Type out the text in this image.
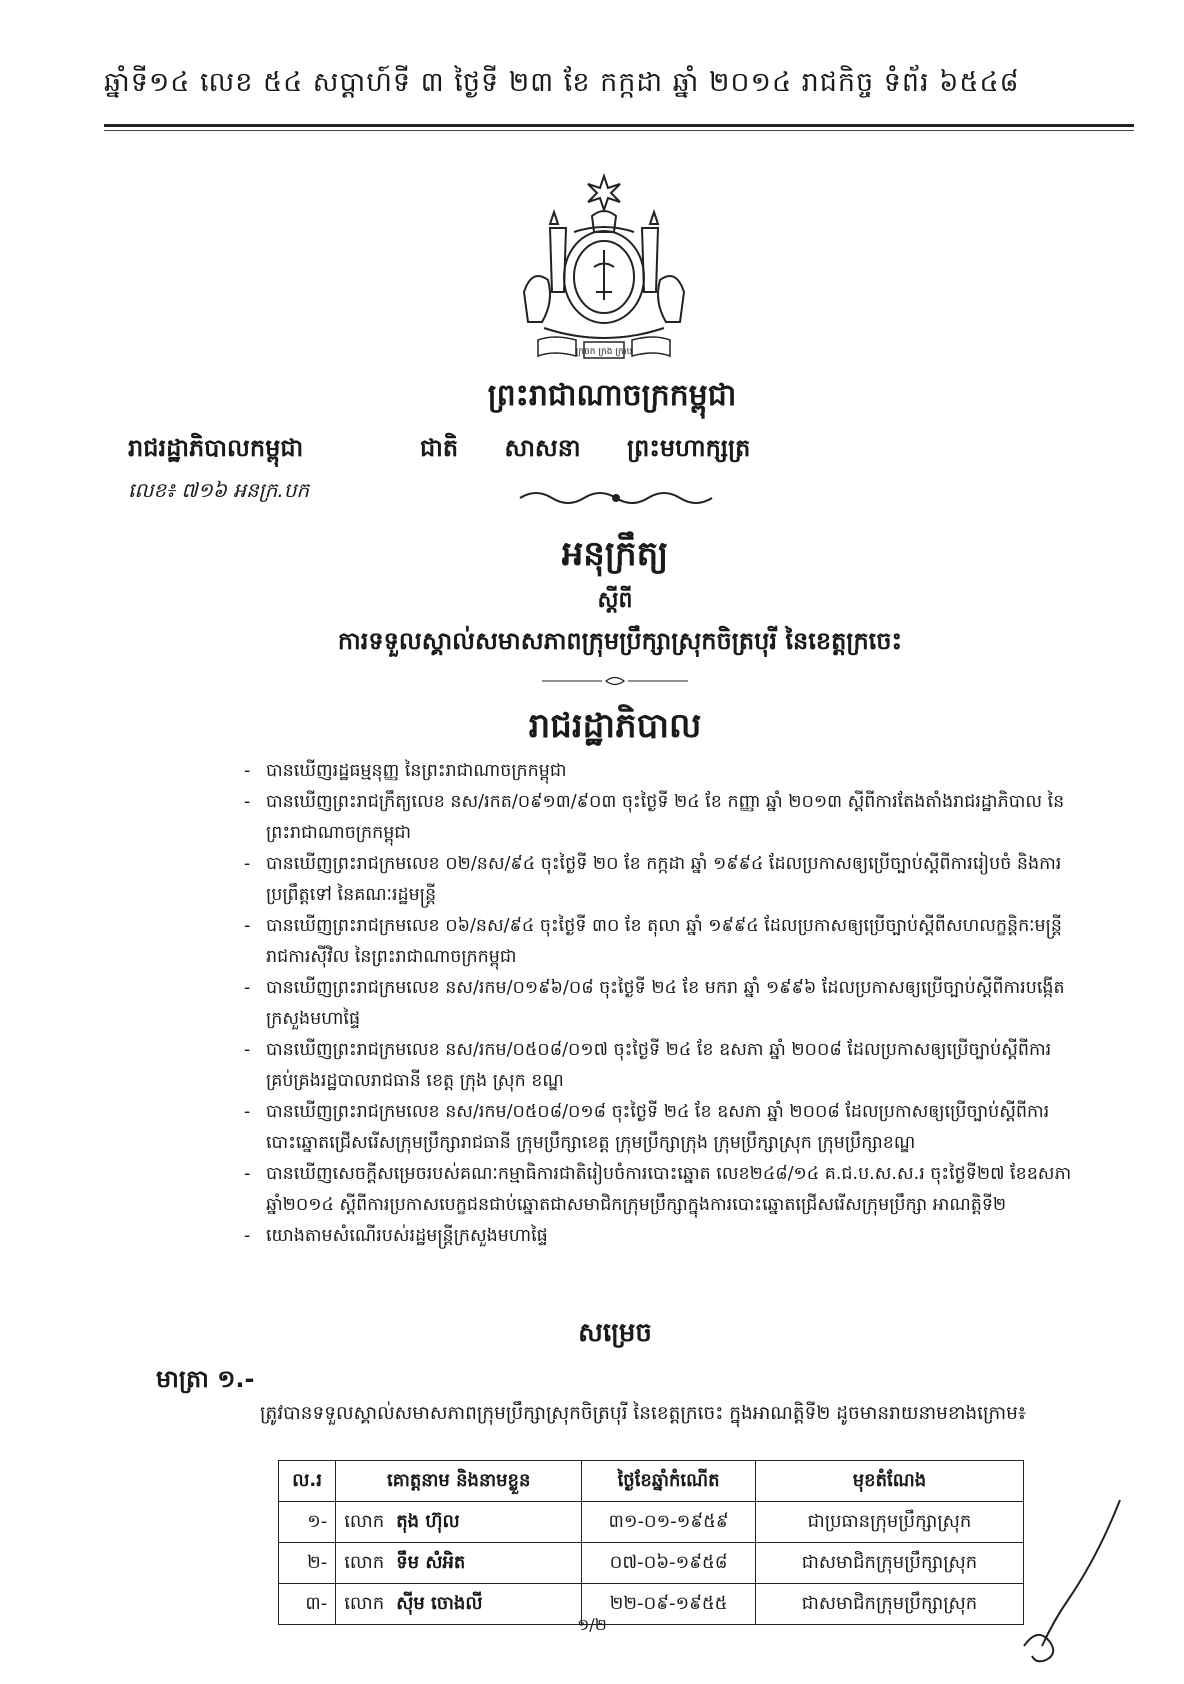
ឆ្នាំទី១៤ លេខ ៥៤ សប្តាហ៍ទី ៣ ថ្ងៃទី ២៣ ខែ កក្កដា ឆ្នាំ ២០១៤ រាជកិច្ច ទំព័រ ៦៥៤៨
ក្រចក ក្រង ក្រាប
ព្រះរាជាណាចក្រកម្ពុជា
រាជរដ្ឋាភិបាលកម្ពុជា	ជាតិ សាសនា ព្រះមហាក្សត្រ
លេខ៖ ៧១៦ អនក្រ.បក
អនុក្រឹត្យ
ស្តីពី
ការទទួលស្គាល់សមាសភាពក្រុមប្រឹក្សាស្រុកចិត្របុរី នៃខេត្តក្រចេះ
រាជរដ្ឋាភិបាល
- បានឃើញរដ្ឋធម្មនុញ្ញ នៃព្រះរាជាណាចក្រកម្ពុជា
- បានឃើញព្រះរាជក្រឹត្យលេខ នស/រកត/០៩១៣/៩០៣ ចុះថ្ងៃទី ២៤ ខែ កញ្ញា ឆ្នាំ ២០១៣ ស្តីពីការតែងតាំងរាជរដ្ឋាភិបាល នៃព្រះរាជាណាចក្រកម្ពុជា
- បានឃើញព្រះរាជក្រមលេខ ០២/នស/៩៤ ចុះថ្ងៃទី ២០ ខែ កក្កដា ឆ្នាំ ១៩៩៤ ដែលប្រកាសឲ្យប្រើច្បាប់ស្តីពីការរៀបចំ និងការប្រព្រឹត្តទៅ នៃគណៈរដ្ឋមន្ត្រី
- បានឃើញព្រះរាជក្រមលេខ ០៦/នស/៩៤ ចុះថ្ងៃទី ៣០ ខែ តុលា ឆ្នាំ ១៩៩៤ ដែលប្រកាសឲ្យប្រើច្បាប់ស្តីពីសហលក្ខន្តិកៈមន្ត្រីរាជការស៊ីវិល នៃព្រះរាជាណាចក្រកម្ពុជា
- បានឃើញព្រះរាជក្រមលេខ នស/រកម/០១៩៦/០៨ ចុះថ្ងៃទី ២៤ ខែ មករា ឆ្នាំ ១៩៩៦ ដែលប្រកាសឲ្យប្រើច្បាប់ស្តីពីការបង្កើតក្រសួងមហាផ្ទៃ
- បានឃើញព្រះរាជក្រមលេខ នស/រកម/០៥០៨/០១៧ ចុះថ្ងៃទី ២៤ ខែ ឧសភា ឆ្នាំ ២០០៨ ដែលប្រកាសឲ្យប្រើច្បាប់ស្តីពីការគ្រប់គ្រងរដ្ឋបាលរាជធានី ខេត្ត ក្រុង ស្រុក ខណ្ឌ
- បានឃើញព្រះរាជក្រមលេខ នស/រកម/០៥០៨/០១៨ ចុះថ្ងៃទី ២៤ ខែ ឧសភា ឆ្នាំ ២០០៨ ដែលប្រកាសឲ្យប្រើច្បាប់ស្តីពីការបោះឆ្នោតជ្រើសរើសក្រុមប្រឹក្សារាជធានី ក្រុមប្រឹក្សាខេត្ត ក្រុមប្រឹក្សាក្រុង ក្រុមប្រឹក្សាស្រុក ក្រុមប្រឹក្សាខណ្ឌ
- បានឃើញសេចក្តីសម្រេចរបស់គណៈកម្មាធិការជាតិរៀបចំការបោះឆ្នោត លេខ២៤៨/១៤ គ.ជ.ប.ស.ស.រ ចុះថ្ងៃទី២៧ ខែឧសភា ឆ្នាំ២០១៤ ស្តីពីការប្រកាសបេក្ខជនជាប់ឆ្នោតជាសមាជិកក្រុមប្រឹក្សាក្នុងការបោះឆ្នោតជ្រើសរើសក្រុមប្រឹក្សា អាណត្តិទី២
- យោងតាមសំណើរបស់រដ្ឋមន្ត្រីក្រសួងមហាផ្ទៃ
សម្រេច
មាត្រា ១.-
ត្រូវបានទទួលស្គាល់សមាសភាពក្រុមប្រឹក្សាស្រុកចិត្របុរី នៃខេត្តក្រចេះ ក្នុងអាណត្តិទី២ ដូចមានរាយនាមខាងក្រោម៖
ល.រ	គោត្តនាម និងនាមខ្លួន	ថ្ងៃខែឆ្នាំកំណើត	មុខតំណែង
១-	លោក តុង ហ៊ុល	៣១-០១-១៩៥៩	ជាប្រធានក្រុមប្រឹក្សាស្រុក
២-	លោក ទឹម សំអិត	០៧-០៦-១៩៥៨	ជាសមាជិកក្រុមប្រឹក្សាស្រុក
៣-	លោក ស៊ីម ចោងលី	២២-០៩-១៩៥៥	ជាសមាជិកក្រុមប្រឹក្សាស្រុក
១/២
